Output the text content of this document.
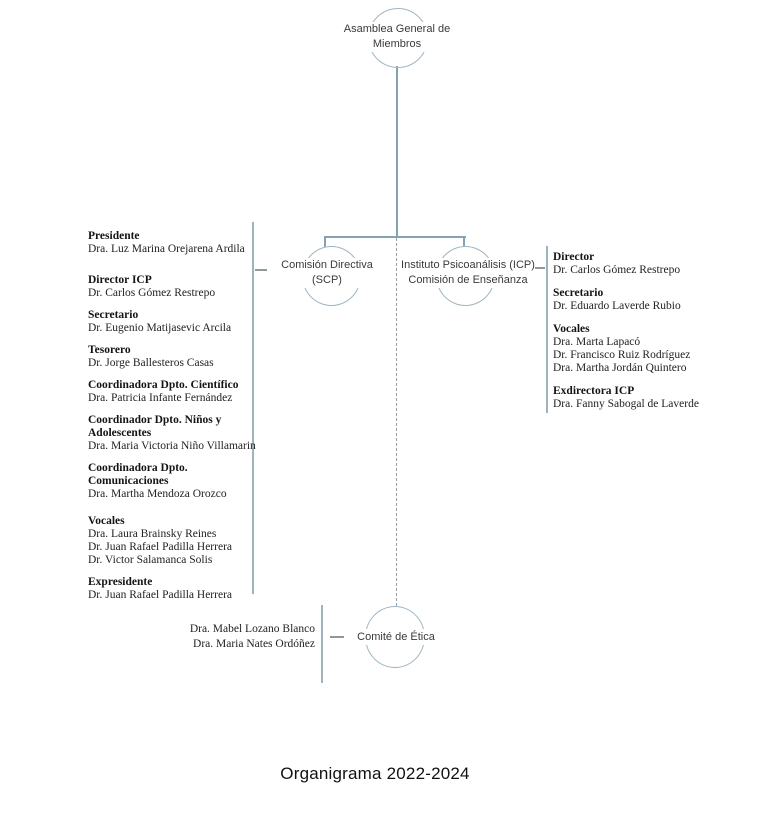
Asamblea General de
Miembros
Comisión Directiva
(SCP)
Instituto Psicoanálisis (ICP)
Comisión de Enseñanza
Comité de Ética
Presidente
Dra. Luz Marina Orejarena Ardila
Director ICP
Dr. Carlos Gómez Restrepo
Secretario
Dr. Eugenio Matijasevic Arcila
Tesorero
Dr. Jorge Ballesteros Casas
Coordinadora Dpto. Científico
Dra. Patricia Infante Fernández
Coordinador Dpto. Niños y Adolescentes
Dra. Maria Victoria Niño Villamarin
Coordinadora Dpto. Comunicaciones
Dra. Martha Mendoza Orozco
Vocales
Dra. Laura Brainsky Reines
Dr. Juan Rafael Padilla Herrera
Dr. Victor Salamanca Solis
Expresidente
Dr. Juan Rafael Padilla Herrera
Director
Dr. Carlos Gómez Restrepo
Secretario
Dr. Eduardo Laverde Rubio
Vocales
Dra. Marta Lapacó
Dr. Francisco Ruiz Rodríguez
Dra. Martha Jordán Quintero
Exdirectora ICP
Dra. Fanny Sabogal de Laverde
Dra. Mabel Lozano Blanco
Dra. Maria Nates Ordóñez
Organigrama 2022-2024
